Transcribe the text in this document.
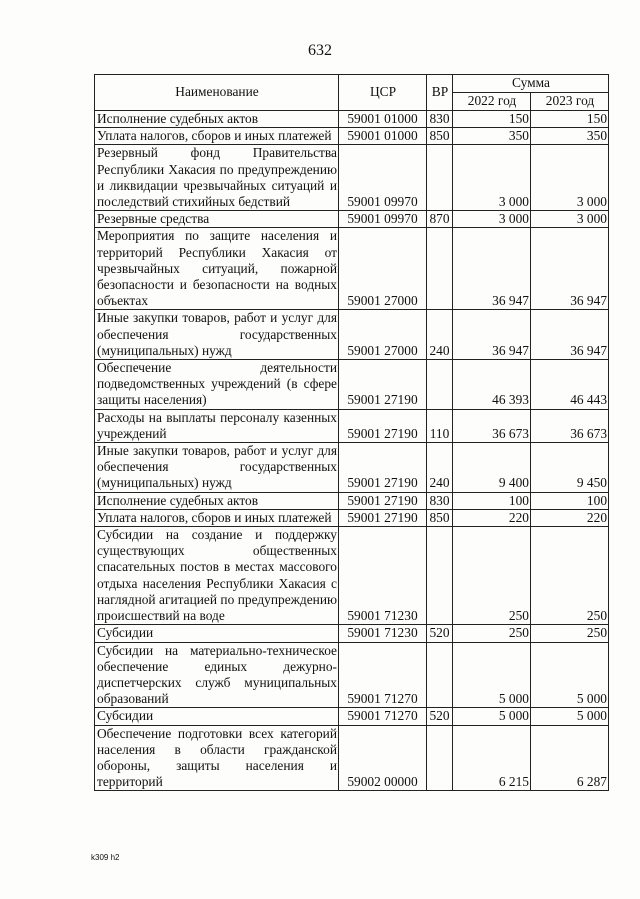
632
Наименование	ЦСР	ВР	Сумма	
			2022 год	2023 год
Исполнение судебных актов	59001 01000	830	150	150
Уплата налогов, сборов и иных платежей	59001 01000	850	350	350
Резервный фонд Правительства Республики Хакасия по предупреждению и ликвидации чрезвычайных ситуаций и последствий стихийных бедствий	59001 09970		3 000	3 000
Резервные средства	59001 09970	870	3 000	3 000
Мероприятия по защите населения и территорий Республики Хакасия от чрезвычайных ситуаций, пожарной безопасности и безопасности на водных объектах	59001 27000		36 947	36 947
Иные закупки товаров, работ и услуг для обеспечения государственных (муниципальных) нужд	59001 27000	240	36 947	36 947
Обеспечение деятельности подведомственных учреждений (в сфере защиты населения)	59001 27190		46 393	46 443
Расходы на выплаты персоналу казенных учреждений	59001 27190	110	36 673	36 673
Иные закупки товаров, работ и услуг для обеспечения государственных (муниципальных) нужд	59001 27190	240	9 400	9 450
Исполнение судебных актов	59001 27190	830	100	100
Уплата налогов, сборов и иных платежей	59001 27190	850	220	220
Субсидии на создание и поддержку существующих общественных спасательных постов в местах массового отдыха населения Республики Хакасия с наглядной агитацией по предупреждению происшествий на воде	59001 71230		250	250
Субсидии	59001 71230	520	250	250
Субсидии на материально-техническое обеспечение единых дежурно-диспетчерских служб муниципальных образований	59001 71270		5 000	5 000
Субсидии	59001 71270	520	5 000	5 000
Обеспечение подготовки всех категорий населения в области гражданской обороны, защиты населения и территорий	59002 00000		6 215	6 287
k309 h2
